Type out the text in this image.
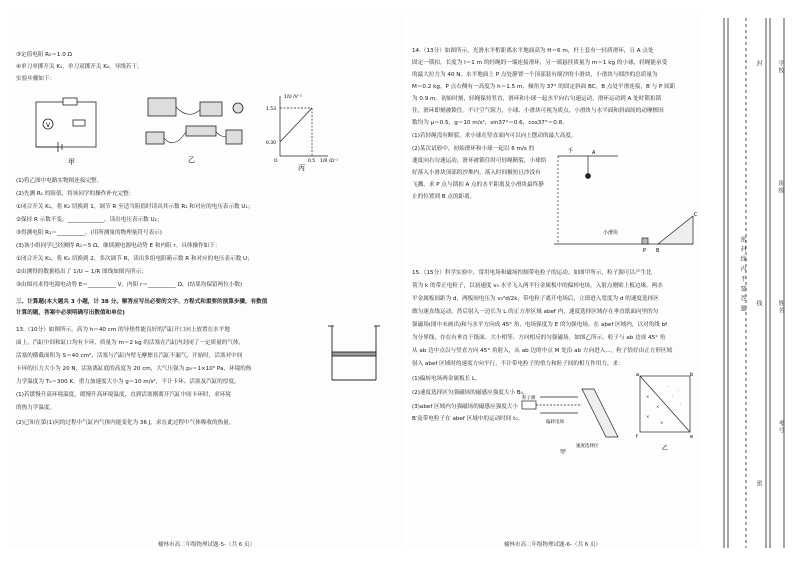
③定值电阻 R₀＝1.0 Ω
④单刀单掷开关 K₁，单刀双掷开关 K₂，导线若干。
实验步骤如下：
V
甲	乙
1/U /V⁻¹
1.53
0.30
0.5 1/R /Ω⁻¹
O
丙
(1)将乙图中电路实物图连接完整。
(2)先测 R₁ 的阻值，将该同学的操作补充完整：
①闭合开关 K₁，将 K₂ 切换到 1，调节 R 至适当阻值时读出其示数 R₁ 和对应的电压表示数 U₁；
②保持 R 示数不变，_____________，读出电压表示数 U₂；
③得测电阻 R₁＝__________。(用所测量的物理量符号表示)
(3)该小组同学已经测得 R₁＝5 Ω，继续测电源电动势 E 和内阻 r。具体操作如下：
①闭合开关 K₁，将 K₂ 切换到 2，多次调节 R，读出多组电阻箱示数 R 和对应的电压表示数 U；
②由测得的数据绘出了 1/U − 1/R 图线如图丙所示；
③由图丙求得电源电动势 E＝__________ V，内阻 r＝__________ Ω。(结果均保留两位小数)
三、计算题(本大题共 3 小题，计 38 分。解答应写出必要的文字、方程式和重要的演算步骤，有数值
计算的题，答案中必须明确写出数值和单位)
13.（10分）如图所示，高为 h＝40 cm 的导热性能良好的汽缸开口向上放置在水平地
面上，汽缸中间和缸口均有卡环，质量为 m＝2 kg 的活塞在汽缸内封闭了一定质量的气体，
活塞的横截面积为 S＝40 cm²，活塞与汽缸内壁无摩擦且汽缸不漏气，开始时，活塞对中间
卡环的压力大小为 20 N，活塞离缸底的高度为 20 cm，大气压强为 p₀＝1×10⁵ Pa，环境的热
力学温度为 T₀＝300 K，重力加速度大小为 g＝10 m/s²，不计卡环、活塞及汽缸的厚度。
(1)若缓慢升高环境温度，缓慢升高环境温度，直到活塞刚离开汽缸中间卡环时，求环境
的热力学温度。
(2)已知在第(1)问的过程中气缸内气体内能变化为 36 J，求在此过程中气体吸收的热量。
榆林市高二年级物理试题-5-（共 6 页）
14.（13分）如图所示，光滑水平桁距离水平地面高为 H＝6 m，杆上套有一轻质滑环，且 A 点处
固定一锁扣。长度为 l＝1 m 的轻绳的一端连接滑环，另一端悬挂质量为 m＝1 kg 的小球，轻绳能承受
的最大拉力为 40 N。水平地面上 P 点处静置一个顶部装有细沙的小滑块，小滑块与细沙的总质量为
M＝0.2 kg。P 点右侧有一高度为 h＝1.5 m、倾角为 37° 的固定斜面 BC，B 点处平滑连接，B 与 P 间距
为 0.9 m。初始时刻，轻绳保持竖直，滑环和小球一起水平向右匀速运动，滑环运动到 A 处时锁扣锁
住，滑环即刻被锁住。不计空气阻力，小球、小滑块可视为质点，小滑块与水平面和斜面间的动摩擦因
数均为 μ＝0.5，g＝10 m/s²，sin37°＝0.6，cos37°＝0.8。
(1)若轻绳没有断裂，求小球在竖直面内可以向上摆动的最大高度。
(2)某次试验中，初始滑环和小球一起以 6 m/s 的
速度向右匀速运动，滑环被锁住时可轻绳断裂，小球恰
好落入小滑块顶部的沙堆内，落入时间极短且沙没有
飞溅，求 P 点与锁扣 A 点的水平距离及小滑块最终静
止的位置到 B 点的距离。
A
P B
C
手
小滑块
15.（15分）科学实验中，常用电场和磁场控制带电粒子的运动。如图甲所示，粒子源可以产生比
荷为 k 的带正电粒子，以初速度 v₀ 水平飞入两平行金属板中的偏转电场，入射点刚贴上板边缘。两水
平金属板间距为 d，两板间电压为 v₀²d/2k，带电粒子离开电场后，立即进入宽度为 d 的速度选择区
做匀速直线运动，然后射入一边长为 L 的正方形区域 abef 内，速度选择区域存在垂直纸面向里的匀
强磁场(图中未画出)和与水平方向成 45° 角、电场强度为 E 的匀强电场。在 abef 区域内，以对角线 bf
为分界线，存在有垂直于纸面、大小相等、方向相反的匀强磁场，如图乙所示。粒子与 ab 边成 45° 角
从 ab 边中点以与竖直方向 45° 角射入，从 ab 边的中点 M 处沿 ab 方向进入...，粒子恰好由正方形区域
射入 abef 区域时的速度方向平行，不计带电粒子的重力和粒子间的相互作用力，求：
(1)偏转电场两金属板长 L。
(2)速度选择区匀强磁场的磁感应强度大小 B₀。
(3)abef 区域内匀强磁场的磁感应强度大小
B′及带电粒子在 abef 区域中的运动时间 t₀。
粒子源
偏转电场
速度选择区
甲
×
×
×
×
·
·
·
·
a	b
f	e
乙
榆林市高二年级物理试题-6-（共 6 页）
密 封 线 内 不 要 答 题
学校
班级
姓名
考号
封
线
密
